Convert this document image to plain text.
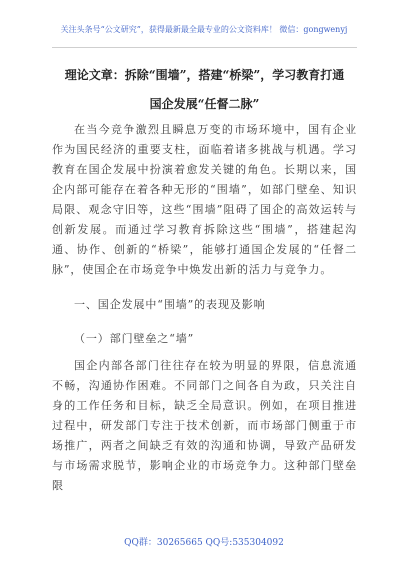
关注头条号“公文研究”，获得最新最全最专业的公文资料库！ 微信：gongwenyj
理论文章：拆除“围墙”，搭建“桥梁”，学习教育打通
国企发展“任督二脉”

在当今竞争激烈且瞬息万变的市场环境中，国有企业作为国民经济的重要支柱，面临着诸多挑战与机遇。学习教育在国企发展中扮演着愈发关键的角色。长期以来，国企内部可能存在着各种无形的“围墙”，如部门壁垒、知识局限、观念守旧等，这些“围墙”阻碍了国企的高效运转与创新发展。而通过学习教育拆除这些“围墙”，搭建起沟通、协作、创新的“桥梁”，能够打通国企发展的“任督二脉”，使国企在市场竞争中焕发出新的活力与竞争力。

一、国企发展中“围墙”的表现及影响
（一）部门壁垒之“墙”

国企内部各部门往往存在较为明显的界限，信息流通不畅，沟通协作困难。不同部门之间各自为政，只关注自身的工作任务和目标，缺乏全局意识。例如，在项目推进过程中，研发部门专注于技术创新，而市场部门侧重于市场推广，两者之间缺乏有效的沟通和协调，导致产品研发与市场需求脱节，影响企业的市场竞争力。这种部门壁垒限

QQ群：30265665 QQ号:535304092
